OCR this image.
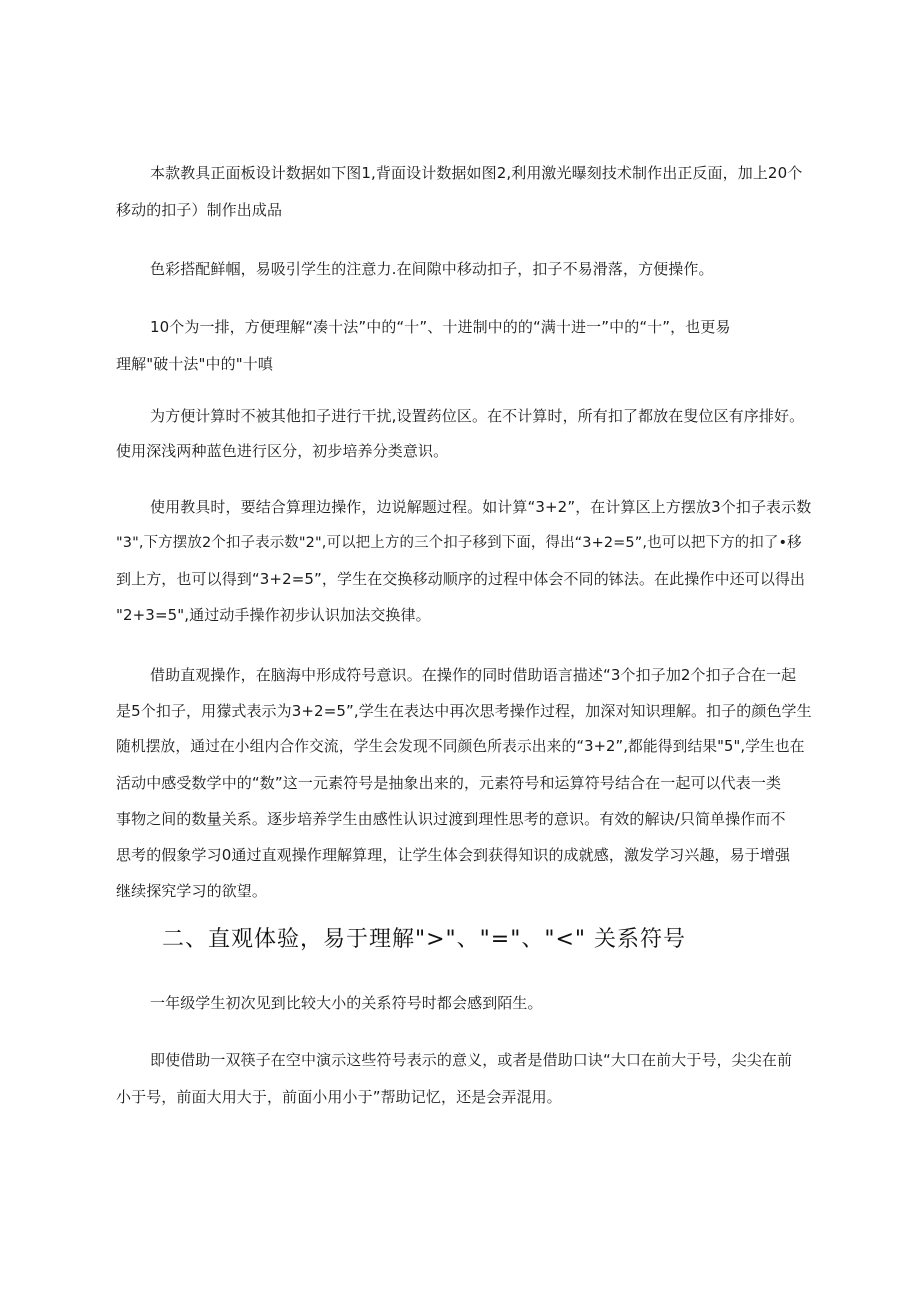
本款教具正面板设计数据如下图1,背面设计数据如图2,利用激光曝刻技术制作出正反面，加上20个
移动的扣子）制作出成品
色彩搭配鲜帼，易吸引学生的注意力.在间隙中移动扣子，扣子不易滑落，方便操作。
10个为一排，方便理解“凑十法”中的“十”、十进制中的的“满十进一”中的“十”，也更易
理解"破十法"中的"十嗔
为方便计算时不被其他扣子进行干扰,设置药位区。在不计算时，所有扣了都放在叟位区有序排好。
使用深浅两种蓝色进行区分，初步培养分类意识。
使用教具时，要结合算理边操作，边说解题过程。如计算“3+2”，在计算区上方摆放3个扣子表示数
"3",下方摆放2个扣子表示数"2",可以把上方的三个扣子移到下面，得出“3+2=5”,也可以把下方的扣了•移
到上方，也可以得到“3+2=5”，学生在交换移动顺序的过程中体会不同的钵法。在此操作中还可以得出
"2+3=5",通过动手操作初步认识加法交换律。
借助直观操作，在脑海中形成符号意识。在操作的同时借助语言描述“3个扣子加2个扣子合在一起
是5个扣子，用獴式表示为3+2=5”,学生在表达中再次思考操作过程，加深对知识理解。扣子的颜色学生
随机摆放，通过在小组内合作交流，学生会发现不同颜色所表示出来的“3+2”,都能得到结果"5",学生也在
活动中感受数学中的“数”这一元素符号是抽象出来的，元素符号和运算符号结合在一起可以代表一类
事物之间的数量关系。逐步培养学生由感性认识过渡到理性思考的意识。有效的解诀/只简单操作而不
思考的假象学习0通过直观操作理解算理，让学生体会到获得知识的成就感，激发学习兴趣，易于增强
继续探究学习的欲望。
二、直观体验，易于理解">"、"="、"<" 关系符号
一年级学生初次见到比较大小的关系符号时都会感到陌生。
即使借助一双筷子在空中演示这些符号表示的意义，或者是借助口诀“大口在前大于号，尖尖在前
小于号，前面大用大于，前面小用小于”帮助记忆，还是会弄混用。
